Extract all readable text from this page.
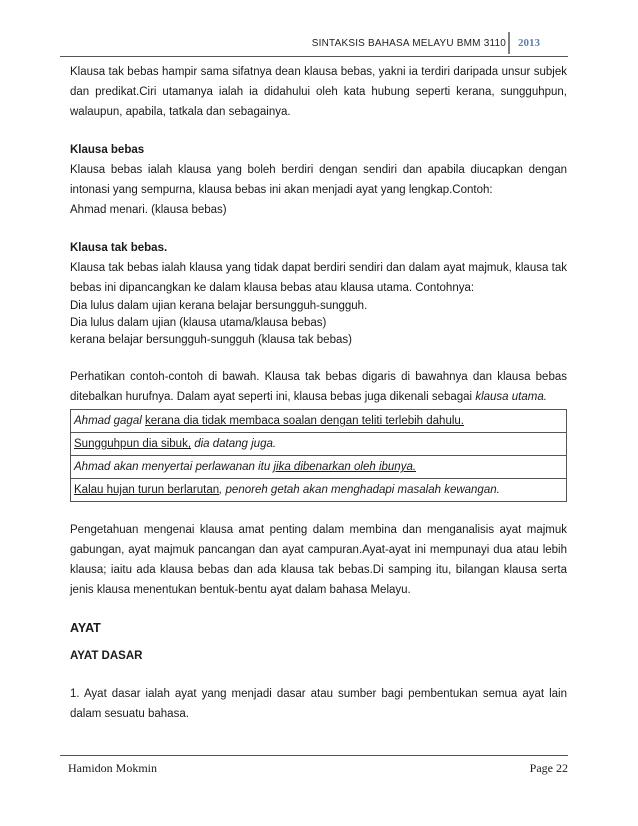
SINTAKSIS BAHASA MELAYU BMM 3110 2013

Klausa tak bebas hampir sama sifatnya dean klausa bebas, yakni ia terdiri daripada unsur subjek dan predikat.Ciri utamanya ialah ia didahului oleh kata hubung seperti kerana, sungguhpun, walaupun, apabila, tatkala dan sebagainya.

Klausa bebas

Klausa bebas ialah klausa yang boleh berdiri dengan sendiri dan apabila diucapkan dengan intonasi yang sempurna, klausa bebas ini akan menjadi ayat yang lengkap.Contoh:

Ahmad menari. (klausa bebas)

Klausa tak bebas.

Klausa tak bebas ialah klausa yang tidak dapat berdiri sendiri dan dalam ayat majmuk, klausa tak bebas ini dipancangkan ke dalam klausa bebas atau klausa utama. Contohnya:

Dia lulus dalam ujian kerana belajar bersungguh-sungguh.

Dia lulus dalam ujian (klausa utama/klausa bebas)

kerana belajar bersungguh-sungguh (klausa tak bebas)

Perhatikan contoh-contoh di bawah. Klausa tak bebas digaris di bawahnya dan klausa bebas ditebalkan hurufnya. Dalam ayat seperti ini, klausa bebas juga dikenali sebagai klausa utama.

Ahmad gagal kerana dia tidak membaca soalan dengan teliti terlebih dahulu.
Sungguhpun dia sibuk, dia datang juga.
Ahmad akan menyertai perlawanan itu jika dibenarkan oleh ibunya.
Kalau hujan turun berlarutan, penoreh getah akan menghadapi masalah kewangan.

Pengetahuan mengenai klausa amat penting dalam membina dan menganalisis ayat majmuk gabungan, ayat majmuk pancangan dan ayat campuran.Ayat-ayat ini mempunayi dua atau lebih klausa; iaitu ada klausa bebas dan ada klausa tak bebas.Di samping itu, bilangan klausa serta jenis klausa menentukan bentuk-bentu ayat dalam bahasa Melayu.

AYAT
AYAT DASAR

1. Ayat dasar ialah ayat yang menjadi dasar atau sumber bagi pembentukan semua ayat lain dalam sesuatu bahasa.

Hamidon Mokmin	Page 22
